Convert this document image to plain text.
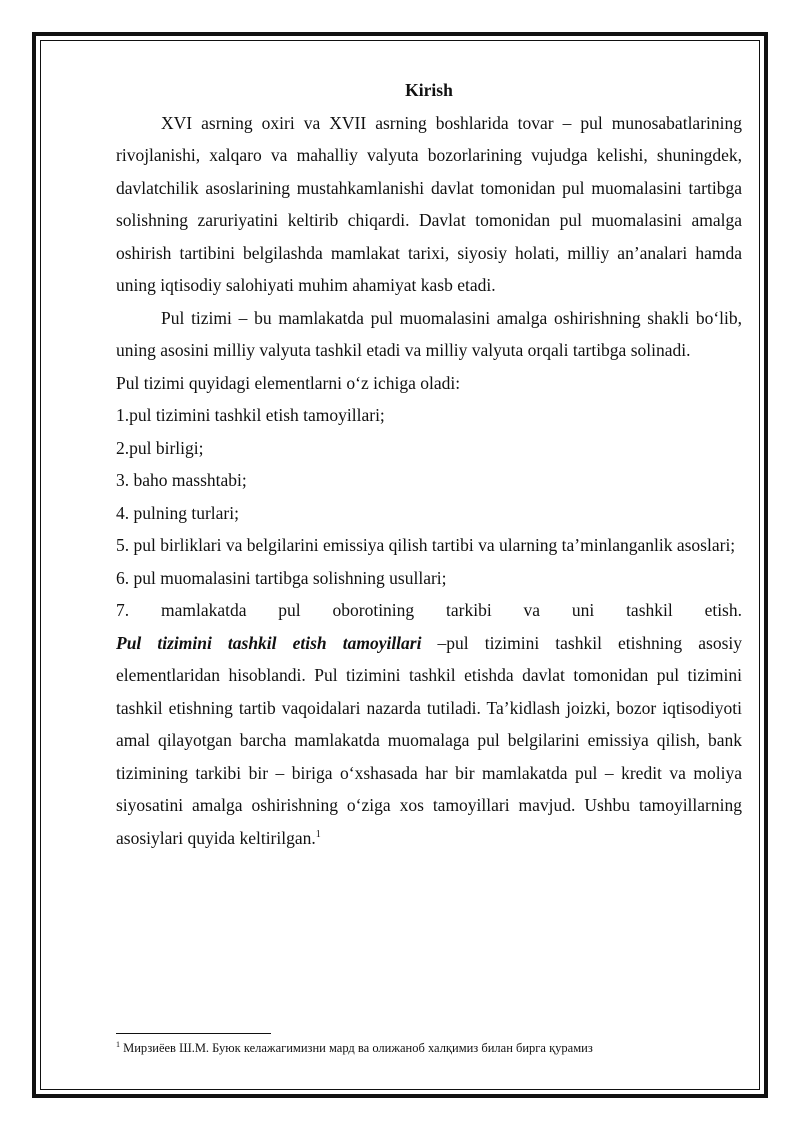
Kirish

XVI asrning oxiri va XVII asrning boshlarida tovar – pul munosabatlarining rivojlanishi, xalqaro va mahalliy valyuta bozorlarining vujudga kelishi, shuningdek, davlatchilik asoslarining mustahkamlanishi davlat tomonidan pul muomalasini tartibga solishning zaruriyatini keltirib chiqardi. Davlat tomonidan pul muomalasini amalga oshirish tartibini belgilashda mamlakat tarixi, siyosiy holati, milliy an’analari hamda uning iqtisodiy salohiyati muhim ahamiyat kasb etadi.

Pul tizimi – bu mamlakatda pul muomalasini amalga oshirishning shakli bo‘lib, uning asosini milliy valyuta tashkil etadi va milliy valyuta orqali tartibga solinadi.

Pul tizimi quyidagi elementlarni o‘z ichiga oladi:

1.pul tizimini tashkil etish tamoyillari;

2.pul birligi;

3. baho masshtabi;

4. pulning turlari;

5. pul birliklari va belgilarini emissiya qilish tartibi va ularning ta’minlanganlik asoslari;

6. pul muomalasini tartibga solishning usullari;

7. mamlakatda pul oborotining tarkibi va uni tashkil etish.

Pul tizimini tashkil etish tamoyillari –pul tizimini tashkil etishning asosiy elementlaridan hisoblandi. Pul tizimini tashkil etishda davlat tomonidan pul tizimini tashkil etishning tartib vaqoidalari nazarda tutiladi. Ta’kidlash joizki, bozor iqtisodiyoti amal qilayotgan barcha mamlakatda muomalaga pul belgilarini emissiya qilish, bank tizimining tarkibi bir – biriga o‘xshasada har bir mamlakatda pul – kredit va moliya siyosatini amalga oshirishning o‘ziga xos tamoyillari mavjud. Ushbu tamoyillarning asosiylari quyida keltirilgan.$^1$

$^1$ Мирзиёев Ш.М. Буюк келажагимизни мард ва олижаноб халқимиз билан бирга қурамиз
